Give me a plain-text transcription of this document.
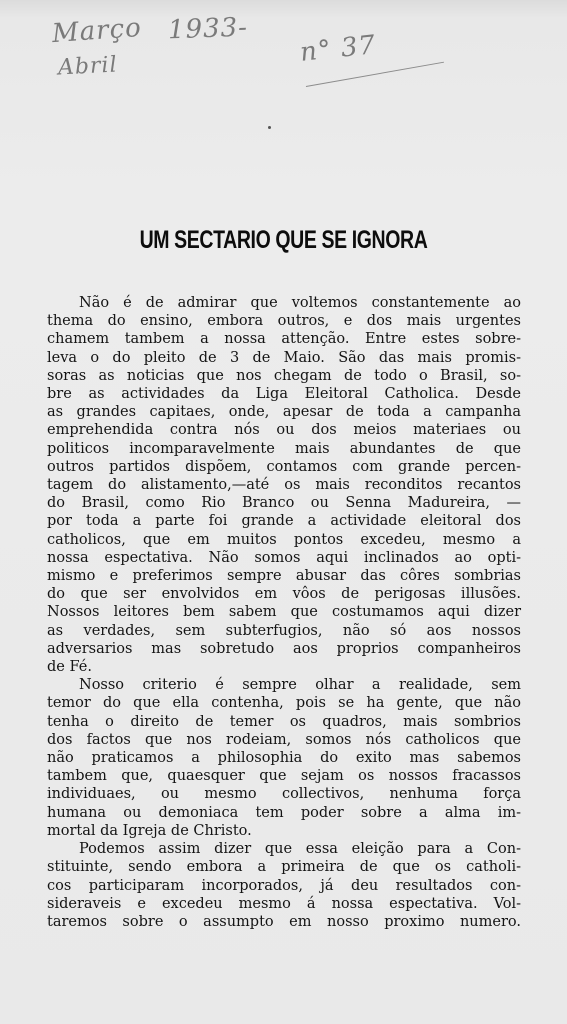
Março 1933-
Abril	n° 37
UM SECTARIO QUE SE IGNORA
Não é de admirar que voltemos constantemente ao
thema do ensino, embora outros, e dos mais urgentes
chamem tambem a nossa attenção. Entre estes sobre-
leva o do pleito de 3 de Maio. São das mais promis-
soras as noticias que nos chegam de todo o Brasil, so-
bre as actividades da Liga Eleitoral Catholica. Desde
as grandes capitaes, onde, apesar de toda a campanha
emprehendida contra nós ou dos meios materiaes ou
politicos incomparavelmente mais abundantes de que
outros partidos dispõem, contamos com grande percen-
tagem do alistamento,—até os mais reconditos recantos
do Brasil, como Rio Branco ou Senna Madureira, —
por toda a parte foi grande a actividade eleitoral dos
catholicos, que em muitos pontos excedeu, mesmo a
nossa espectativa. Não somos aqui inclinados ao opti-
mismo e preferimos sempre abusar das côres sombrias
do que ser envolvidos em vôos de perigosas illusões.
Nossos leitores bem sabem que costumamos aqui dizer
as verdades, sem subterfugios, não só aos nossos
adversarios mas sobretudo aos proprios companheiros
de Fé.
Nosso criterio é sempre olhar a realidade, sem
temor do que ella contenha, pois se ha gente, que não
tenha o direito de temer os quadros, mais sombrios
dos factos que nos rodeiam, somos nós catholicos que
não praticamos a philosophia do exito mas sabemos
tambem que, quaesquer que sejam os nossos fracassos
individuaes, ou mesmo collectivos, nenhuma força
humana ou demoniaca tem poder sobre a alma im-
mortal da Igreja de Christo.
Podemos assim dizer que essa eleição para a Con-
stituinte, sendo embora a primeira de que os catholi-
cos participaram incorporados, já deu resultados con-
sideraveis e excedeu mesmo á nossa espectativa. Vol-
taremos sobre o assumpto em nosso proximo numero.
